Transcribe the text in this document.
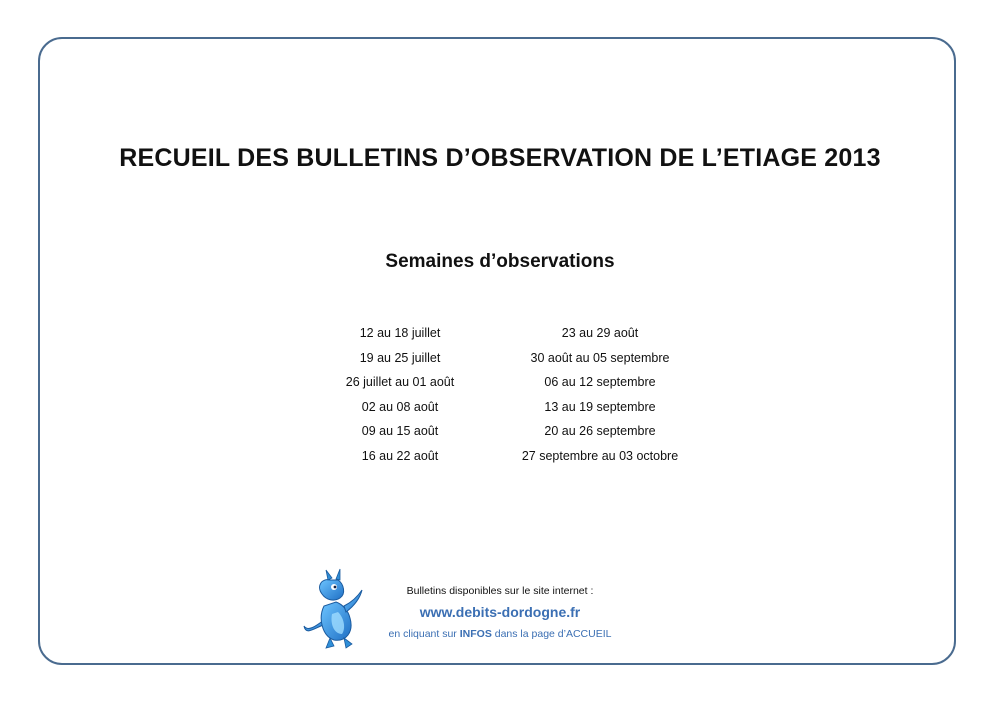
RECUEIL DES BULLETINS D’OBSERVATION DE L’ETIAGE 2013
Semaines d’observations
12 au 18 juillet
19 au 25 juillet
26 juillet au 01 août
02 au 08 août
09 au 15 août
16 au 22 août
23 au 29 août
30 août au 05 septembre
06 au 12 septembre
13 au 19 septembre
20 au 26 septembre
27 septembre au 03 octobre
Bulletins disponibles sur le site internet :
www.debits-dordogne.fr
en cliquant sur INFOS dans la page d’ACCUEIL
